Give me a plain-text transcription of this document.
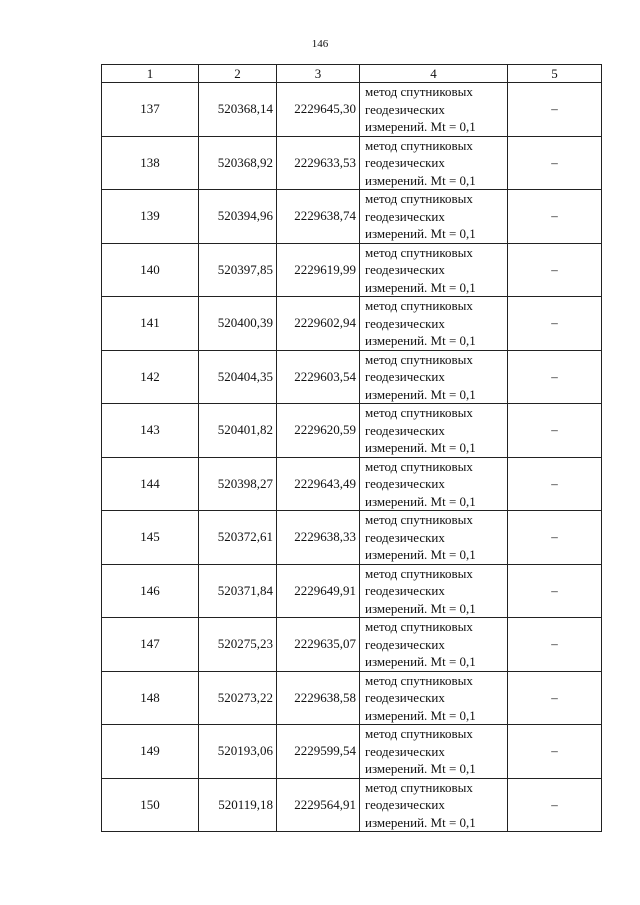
146
1	2	3	4	5
137	520368,14	2229645,30	метод спутниковых
геодезических
измерений. Mt = 0,1	–
138	520368,92	2229633,53	метод спутниковых
геодезических
измерений. Mt = 0,1	–
139	520394,96	2229638,74	метод спутниковых
геодезических
измерений. Mt = 0,1	–
140	520397,85	2229619,99	метод спутниковых
геодезических
измерений. Mt = 0,1	–
141	520400,39	2229602,94	метод спутниковых
геодезических
измерений. Mt = 0,1	–
142	520404,35	2229603,54	метод спутниковых
геодезических
измерений. Mt = 0,1	–
143	520401,82	2229620,59	метод спутниковых
геодезических
измерений. Mt = 0,1	–
144	520398,27	2229643,49	метод спутниковых
геодезических
измерений. Mt = 0,1	–
145	520372,61	2229638,33	метод спутниковых
геодезических
измерений. Mt = 0,1	–
146	520371,84	2229649,91	метод спутниковых
геодезических
измерений. Mt = 0,1	–
147	520275,23	2229635,07	метод спутниковых
геодезических
измерений. Mt = 0,1	–
148	520273,22	2229638,58	метод спутниковых
геодезических
измерений. Mt = 0,1	–
149	520193,06	2229599,54	метод спутниковых
геодезических
измерений. Mt = 0,1	–
150	520119,18	2229564,91	метод спутниковых
геодезических
измерений. Mt = 0,1	–
